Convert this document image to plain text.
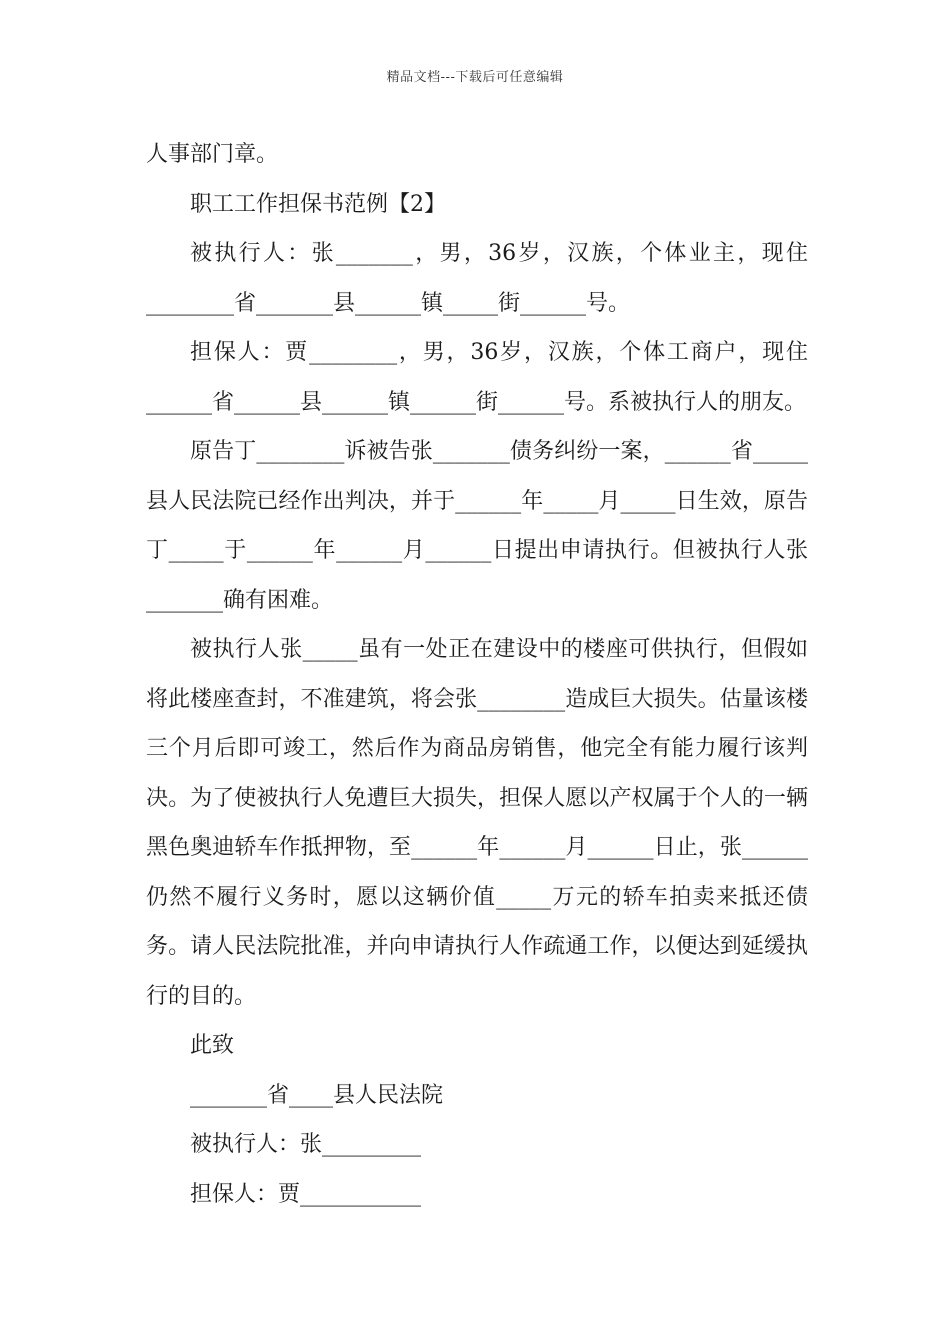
精品文档---下载后可任意编辑

人事部门章。

职工工作担保书范例【2】

被执行人：张_______，男，36岁，汉族，个体业主，现住________省_______县______镇_____街______号。

担保人：贾________，男，36岁，汉族，个体工商户，现住______省______县______镇______街______号。系被执行人的朋友。

原告丁________诉被告张_______债务纠纷一案，______省_____县人民法院已经作出判决，并于______年_____月_____日生效，原告丁_____于______年______月______日提出申请执行。但被执行人张_______确有困难。

被执行人张_____虽有一处正在建设中的楼座可供执行，但假如将此楼座查封，不准建筑，将会张________造成巨大损失。估量该楼三个月后即可竣工，然后作为商品房销售，他完全有能力履行该判决。为了使被执行人免遭巨大损失，担保人愿以产权属于个人的一辆黑色奥迪轿车作抵押物，至______年______月______日止，张______仍然不履行义务时，愿以这辆价值_____万元的轿车拍卖来抵还债务。请人民法院批准，并向申请执行人作疏通工作，以便达到延缓执行的目的。

此致

_______省____县人民法院

被执行人：张_________

担保人：贾___________
